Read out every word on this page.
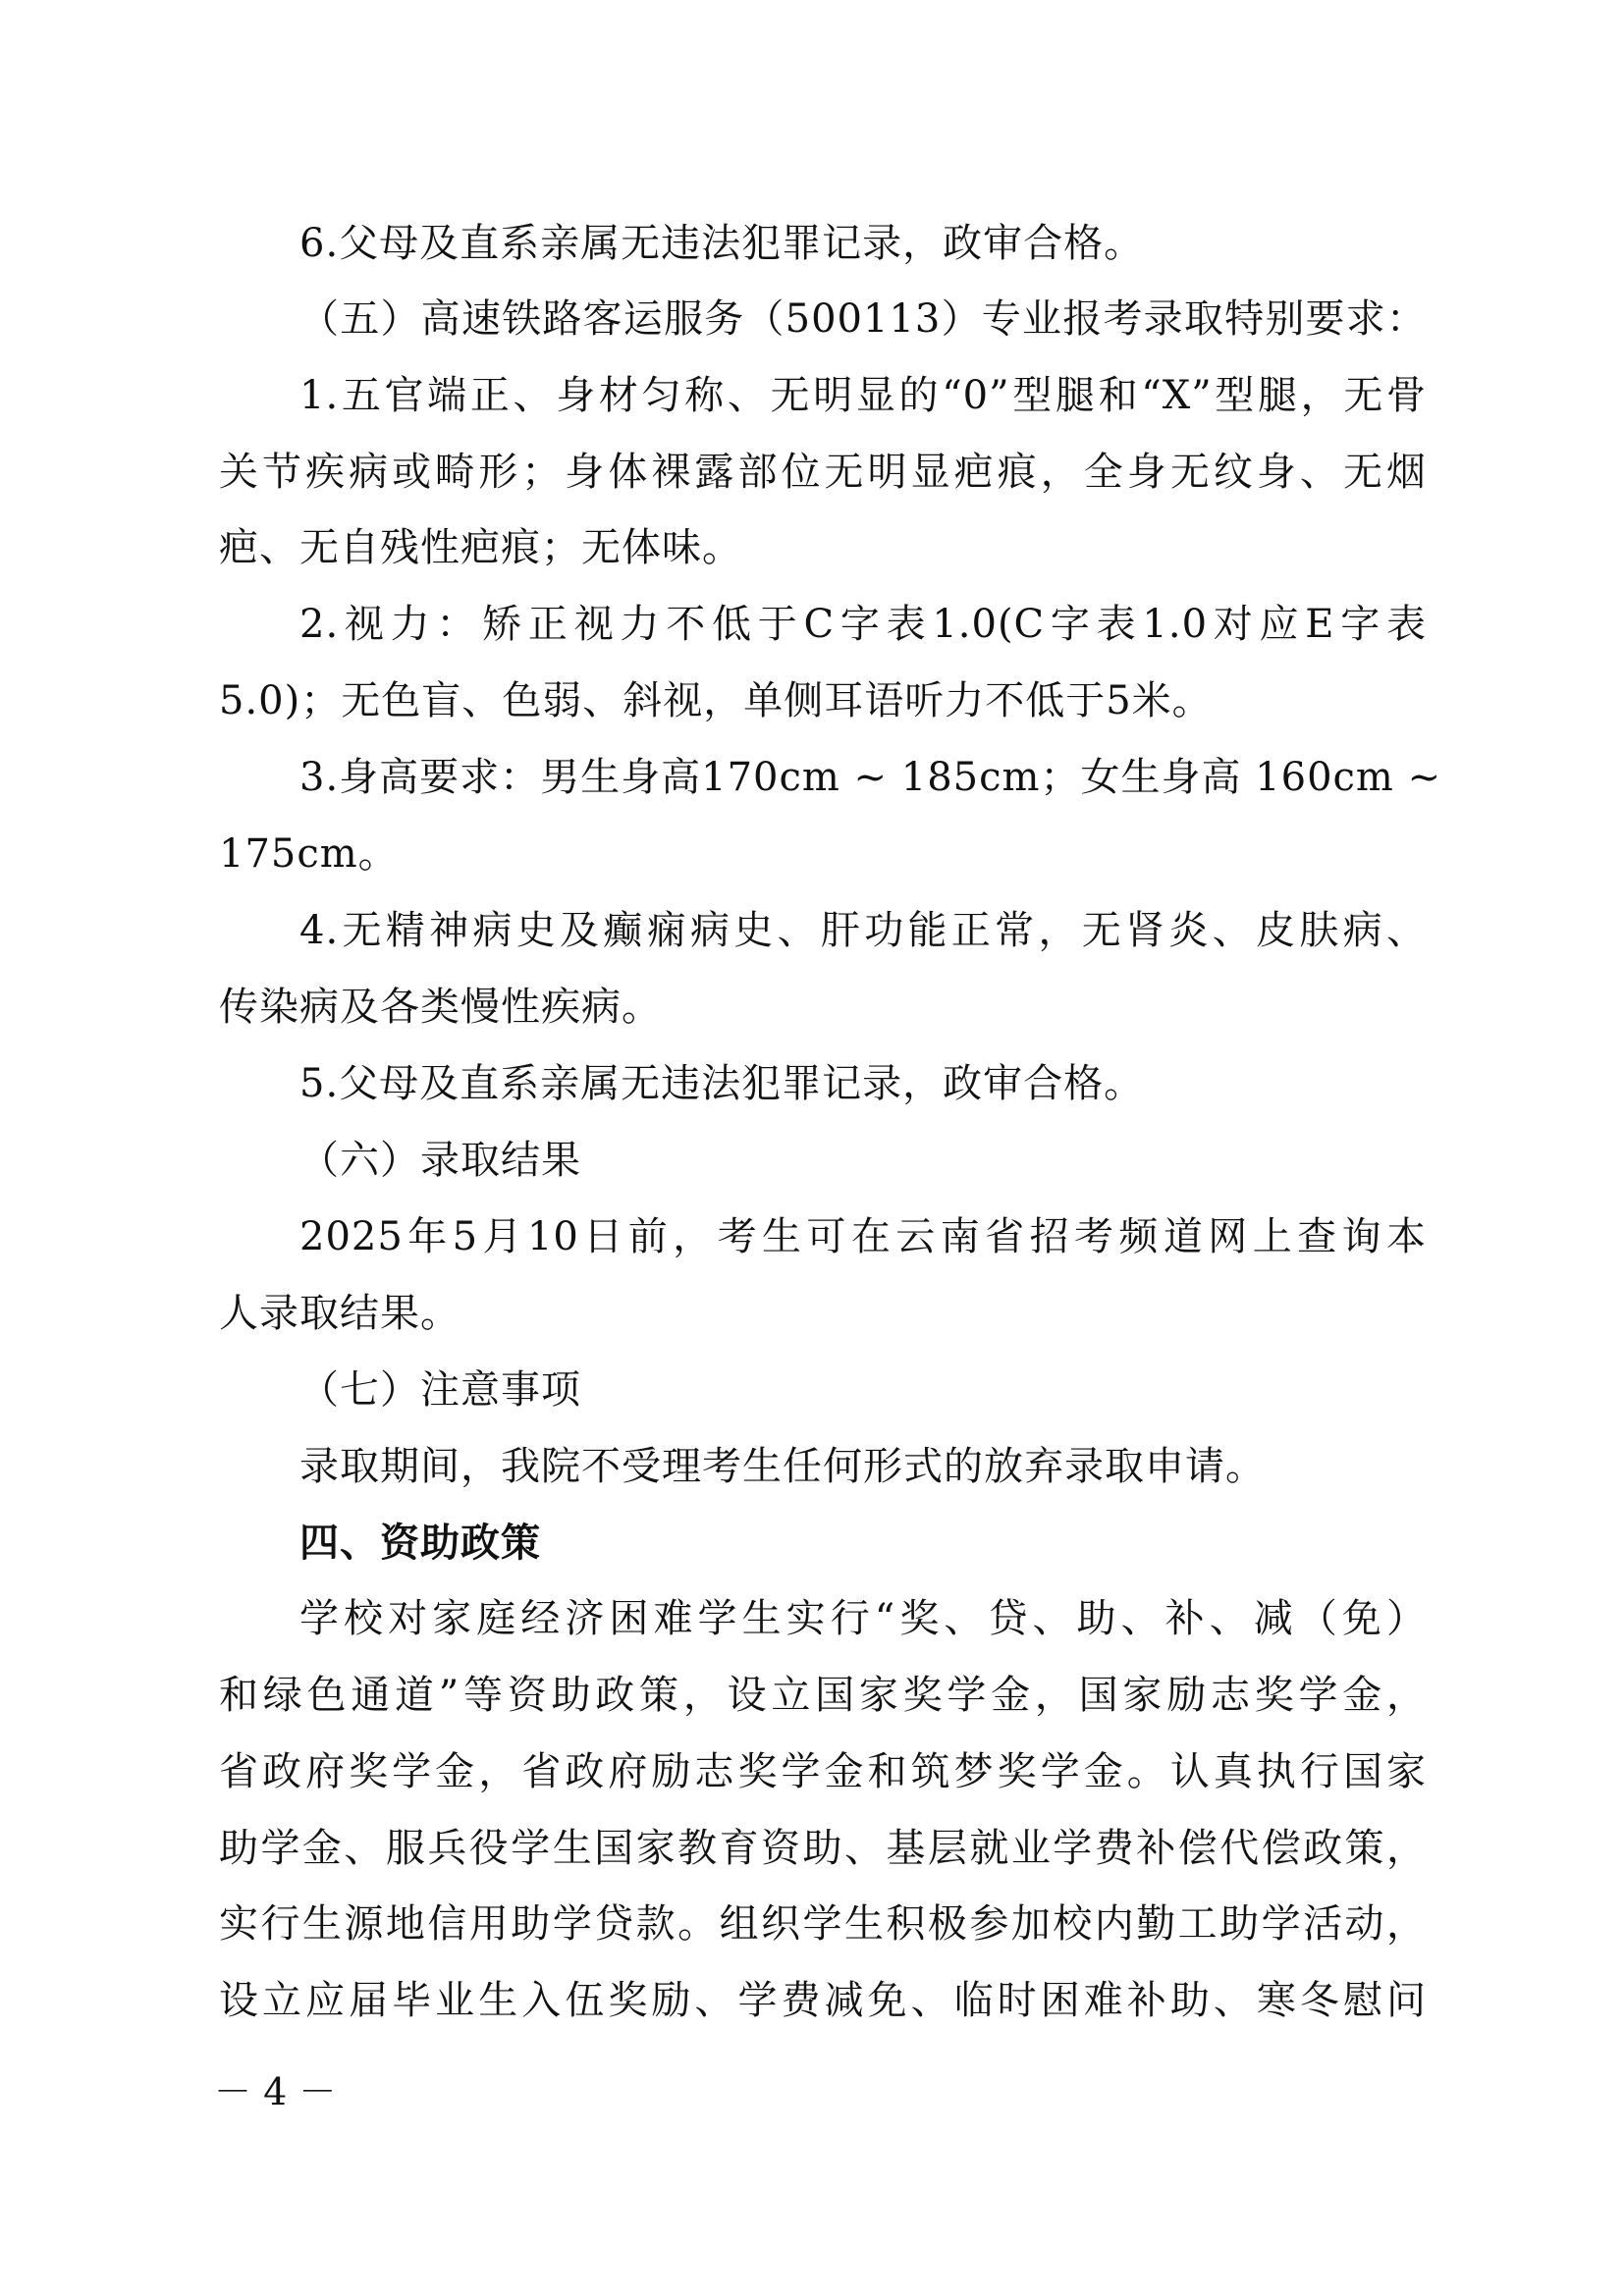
6.父母及直系亲属无违法犯罪记录，政审合格。
（五）高速铁路客运服务（500113）专业报考录取特别要求：
1.五官端正、身材匀称、无明显的“0”型腿和“X”型腿，无骨
关节疾病或畸形；身体裸露部位无明显疤痕，全身无纹身、无烟
疤、无自残性疤痕；无体味。
2.视力：矫正视力不低于C字表1.0(C字表1.0对应E字表
5.0)；无色盲、色弱、斜视，单侧耳语听力不低于5米。
3.身高要求：男生身高170cm ~ 185cm；女生身高 160cm ~
175cm。
4.无精神病史及癫痫病史、肝功能正常，无肾炎、皮肤病、
传染病及各类慢性疾病。
5.父母及直系亲属无违法犯罪记录，政审合格。
（六）录取结果
2025年5月10日前，考生可在云南省招考频道网上查询本
人录取结果。
（七）注意事项
录取期间，我院不受理考生任何形式的放弃录取申请。
四、资助政策
学校对家庭经济困难学生实行“奖、贷、助、补、减（免）
和绿色通道”等资助政策，设立国家奖学金，国家励志奖学金，
省政府奖学金，省政府励志奖学金和筑梦奖学金。认真执行国家
助学金、服兵役学生国家教育资助、基层就业学费补偿代偿政策，
实行生源地信用助学贷款。组织学生积极参加校内勤工助学活动，
设立应届毕业生入伍奖励、学费减免、临时困难补助、寒冬慰问
－ 4 －
